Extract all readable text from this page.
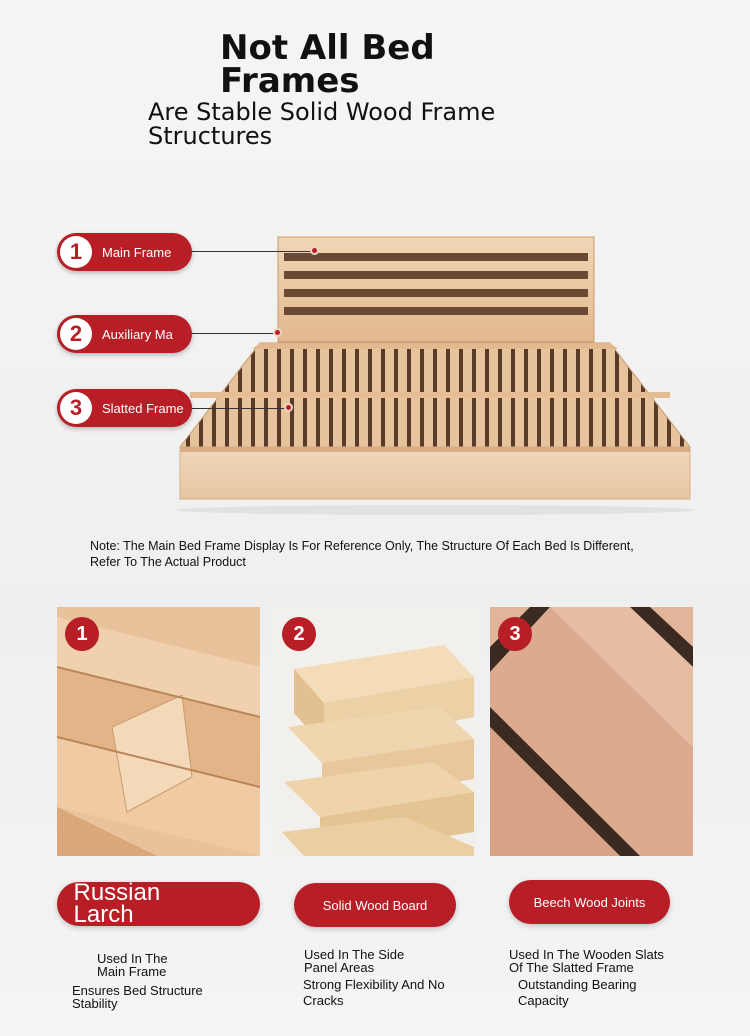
Not All Bed Frames
Are Stable Solid Wood Frame Structures
1	Main Frame
2	Auxiliary Ma
3	Slatted Frame
Note: The Main Bed Frame Display Is For Reference Only, The Structure Of Each Bed Is Different, Refer To The Actual Product
1	2	3
Russian Larch	Solid Wood Board	Beech Wood Joints
Used In The Main Frame
Ensures Bed Structure Stability
Used In The Side Panel Areas
Strong Flexibility And No Cracks
Used In The Wooden Slats Of The Slatted Frame
Outstanding Bearing Capacity
